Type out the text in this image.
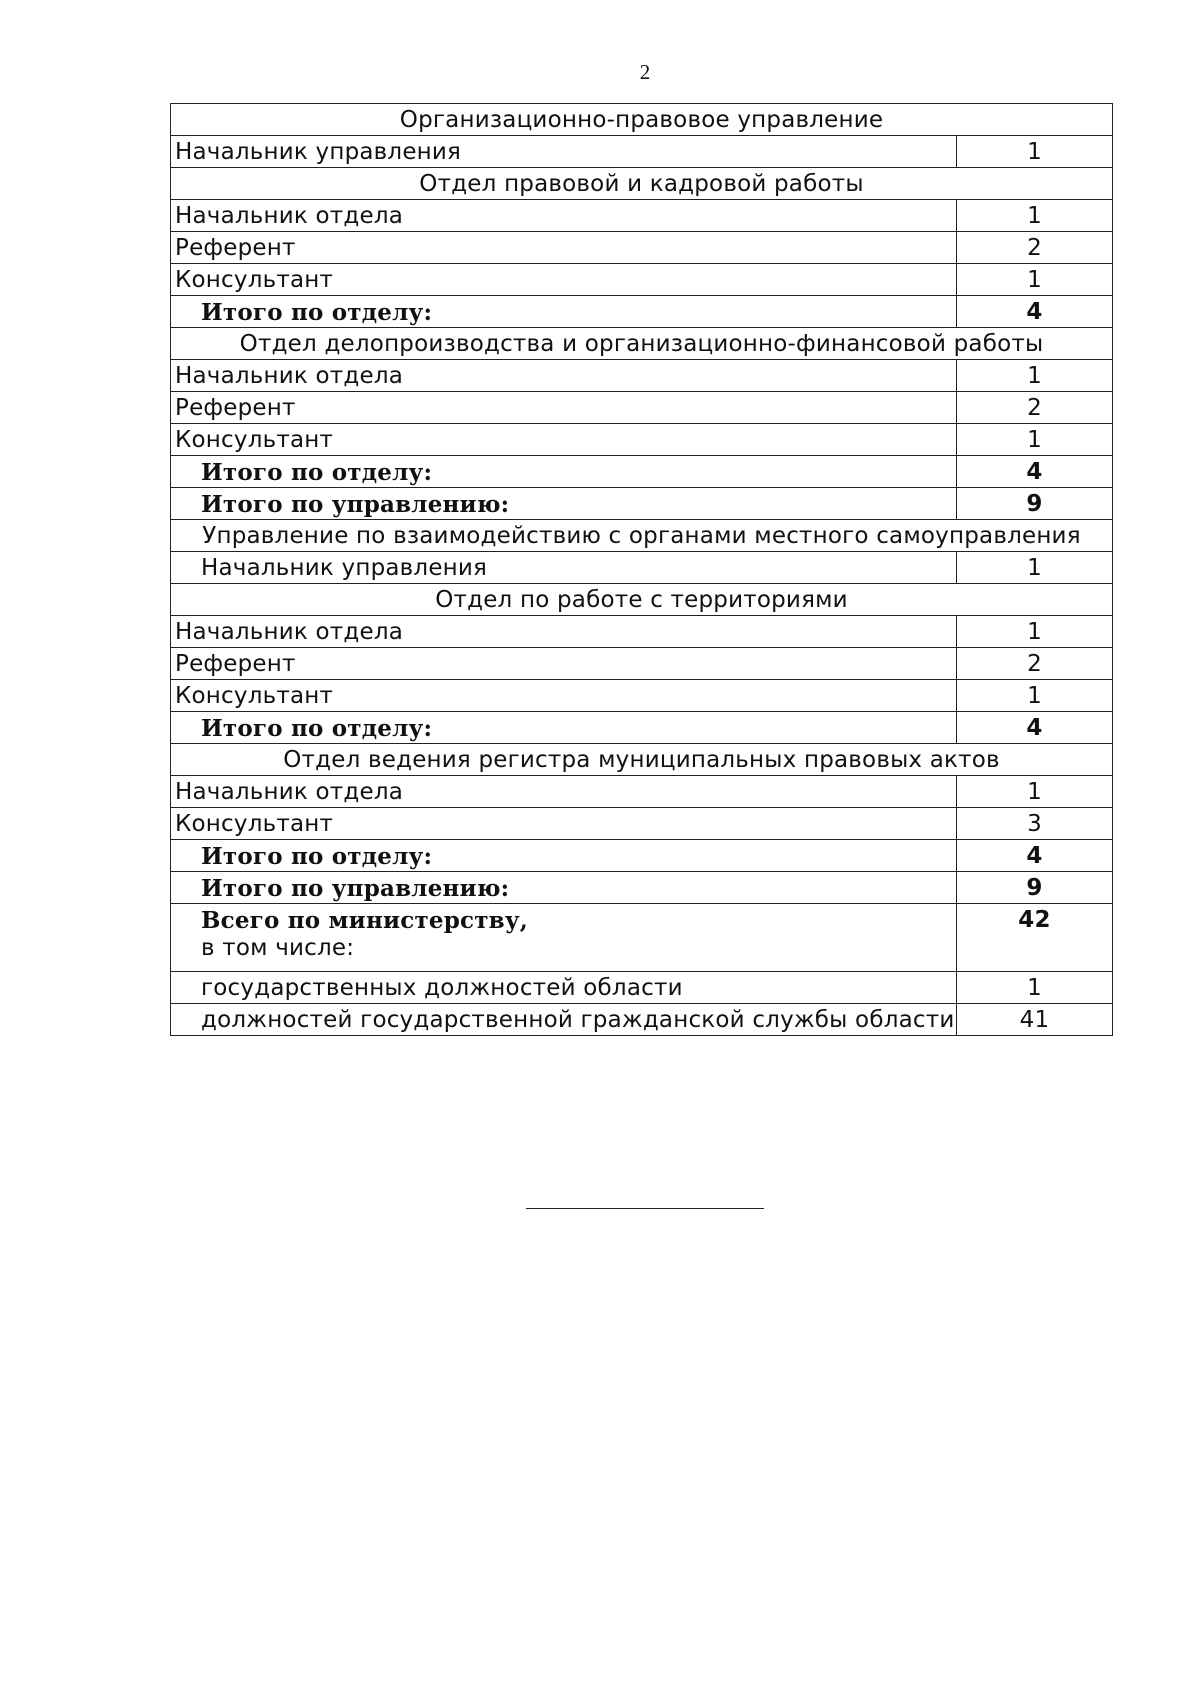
2
Организационно-правовое управление	
Начальник управления	1
Отдел правовой и кадровой работы	
Начальник отдела	1
Референт	2
Консультант	1
Итого по отделу:	4
Отдел делопроизводства и организационно-финансовой работы	
Начальник отдела	1
Референт	2
Консультант	1
Итого по отделу:	4
Итого по управлению:	9
Управление по взаимодействию с органами местного самоуправления	
Начальник управления	1
Отдел по работе с территориями	
Начальник отдела	1
Референт	2
Консультант	1
Итого по отделу:	4
Отдел ведения регистра муниципальных правовых актов	
Начальник отдела	1
Консультант	3
Итого по отделу:	4
Итого по управлению:	9

Всего по министерству,
в том числе:	42
государственных должностей области	1
должностей государственной гражданской службы области	41
